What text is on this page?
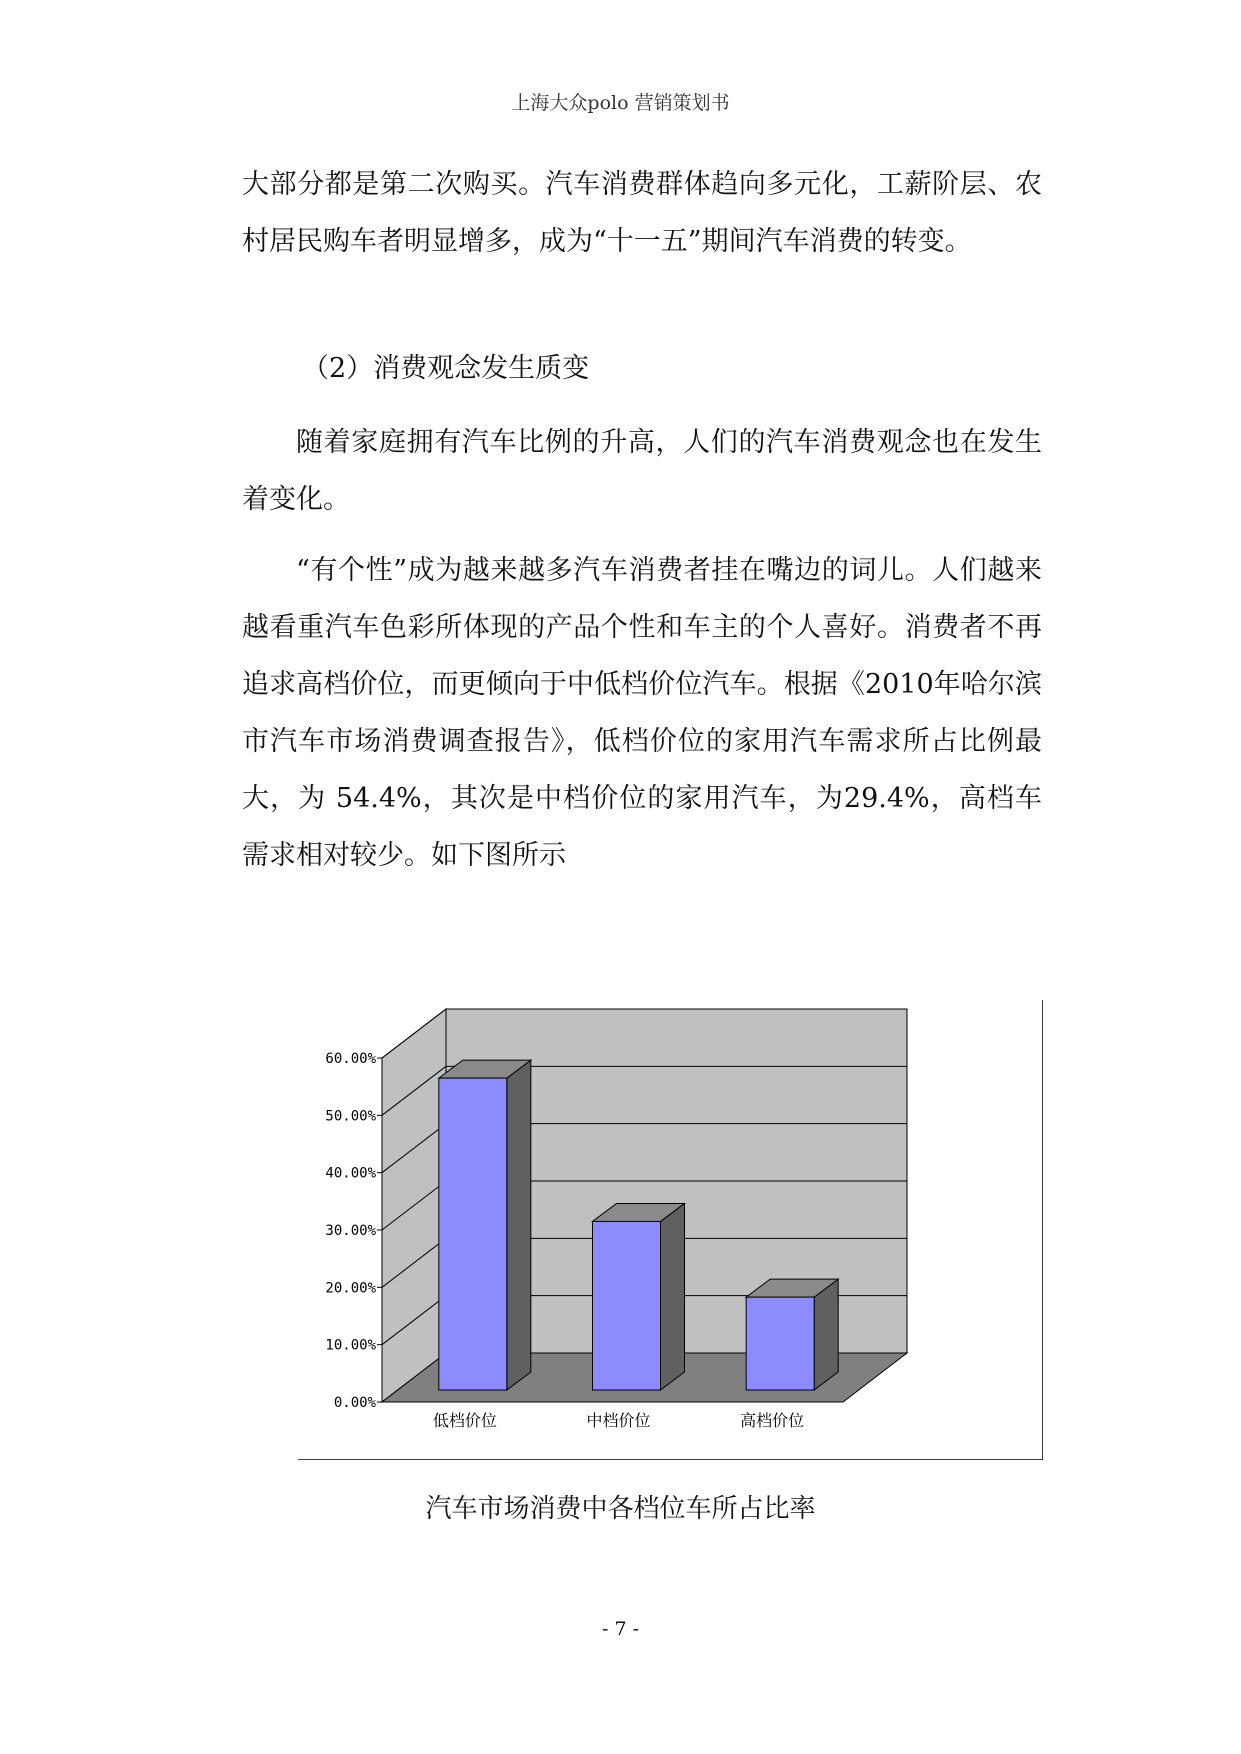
上海大众polo 营销策划书

大部分都是第二次购买。汽车消费群体趋向多元化，工薪阶层、农村居民购车者明显增多，成为“十一五”期间汽车消费的转变。

（2）消费观念发生质变

随着家庭拥有汽车比例的升高，人们的汽车消费观念也在发生着变化。

“有个性”成为越来越多汽车消费者挂在嘴边的词儿。人们越来越看重汽车色彩所体现的产品个性和车主的个人喜好。消费者不再追求高档价位，而更倾向于中低档价位汽车。根据《2010年哈尔滨市汽车市场消费调查报告》，低档价位的家用汽车需求所占比例最大，为 54.4%，其次是中档价位的家用汽车，为29.4%，高档车需求相对较少。如下图所示

0.00%
10.00%
20.00%
30.00%
40.00%
50.00%
60.00%
低档价位	中档价位	高档价位
汽车市场消费中各档位车所占比率
- 7 -
